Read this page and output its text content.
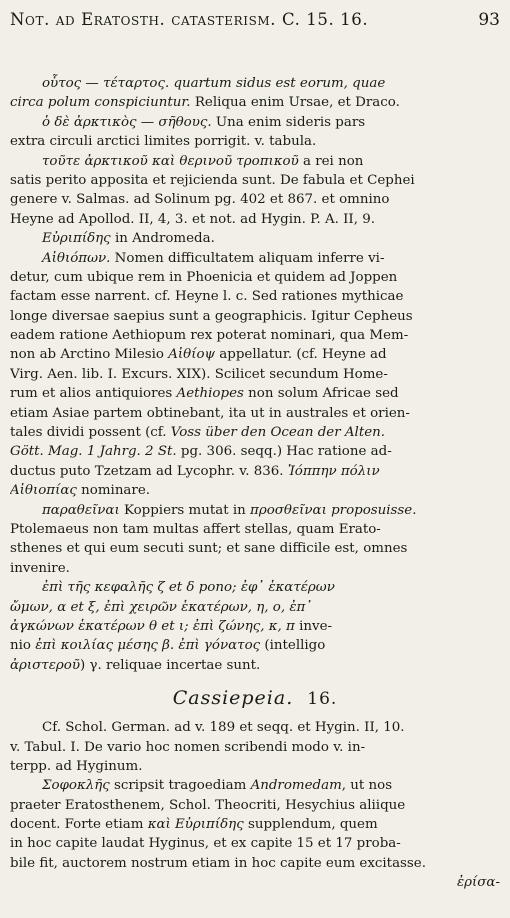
Not. ad Eratosth. catasterism. C. 15. 16.	93
οὗτος — τέταρτος. quartum sidus est eorum, quae
circa polum conspiciuntur. Reliqua enim Ursae, et Draco.
ὁ δὲ ἀρκτικὸς — σῆθους. Una enim sideris pars
extra circuli arctici limites porrigit. v. tabula.
τοῦτε ἀρκτικοῦ καὶ θερινοῦ τροπικοῦ a rei non
satis perito apposita et rejicienda sunt. De fabula et Cephei
genere v. Salmas. ad Solinum pg. 402 et 867. et omnino
Heyne ad Apollod. II, 4, 3. et not. ad Hygin. P. A. II, 9.
Εὐριπίδης in Andromeda.
Αἰθιόπων. Nomen difficultatem aliquam inferre vi-
detur, cum ubique rem in Phoenicia et quidem ad Joppen
factam esse narrent. cf. Heyne l. c. Sed rationes mythicae
longe diversae saepius sunt a geographicis. Igitur Cepheus
eadem ratione Aethiopum rex poterat nominari, qua Mem-
non ab Arctino Milesio Αἰθίοψ appellatur. (cf. Heyne ad
Virg. Aen. lib. I. Excurs. XIX). Scilicet secundum Home-
rum et alios antiquiores Aethiopes non solum Africae sed
etiam Asiae partem obtinebant, ita ut in australes et orien-
tales dividi possent (cf. Voss über den Ocean der Alten.
Gött. Mag. 1 Jahrg. 2 St. pg. 306. seqq.) Hac ratione ad-
ductus puto Tzetzam ad Lycophr. v. 836. Ἰόππην πόλιν
Αἰθιοπίας nominare.
παραθεῖναι Koppiers mutat in προσθεῖναι proposuisse.
Ptolemaeus non tam multas affert stellas, quam Erato-
sthenes et qui eum secuti sunt; et sane difficile est, omnes
invenire.
ἐπὶ τῆς κεφαλῆς ζ et δ pono; ἐφ᾽ ἑκατέρων
ὤμων, α et ξ, ἐπὶ χειρῶν ἑκατέρων, η, ο, ἐπ᾽
ἀγκώνων ἑκατέρων θ et ι; ἐπὶ ζώνης, κ, π inve-
nio ἐπὶ κοιλίας μέσης β. ἐπὶ γόνατος (intelligo
ἀριστεροῦ) γ. reliquae incertae sunt.
Cassiepeia. 16.
Cf. Schol. German. ad v. 189 et seqq. et Hygin. II, 10.
v. Tabul. I. De vario hoc nomen scribendi modo v. in-
terpp. ad Hyginum.
Σοφοκλῆς scripsit tragoediam Andromedam, ut nos
praeter Eratosthenem, Schol. Theocriti, Hesychius aliique
docent. Forte etiam καὶ Εὐριπίδης supplendum, quem
in hoc capite laudat Hyginus, et ex capite 15 et 17 proba-
bile fit, auctorem nostrum etiam in hoc capite eum excitasse.
ἐρίσα-
